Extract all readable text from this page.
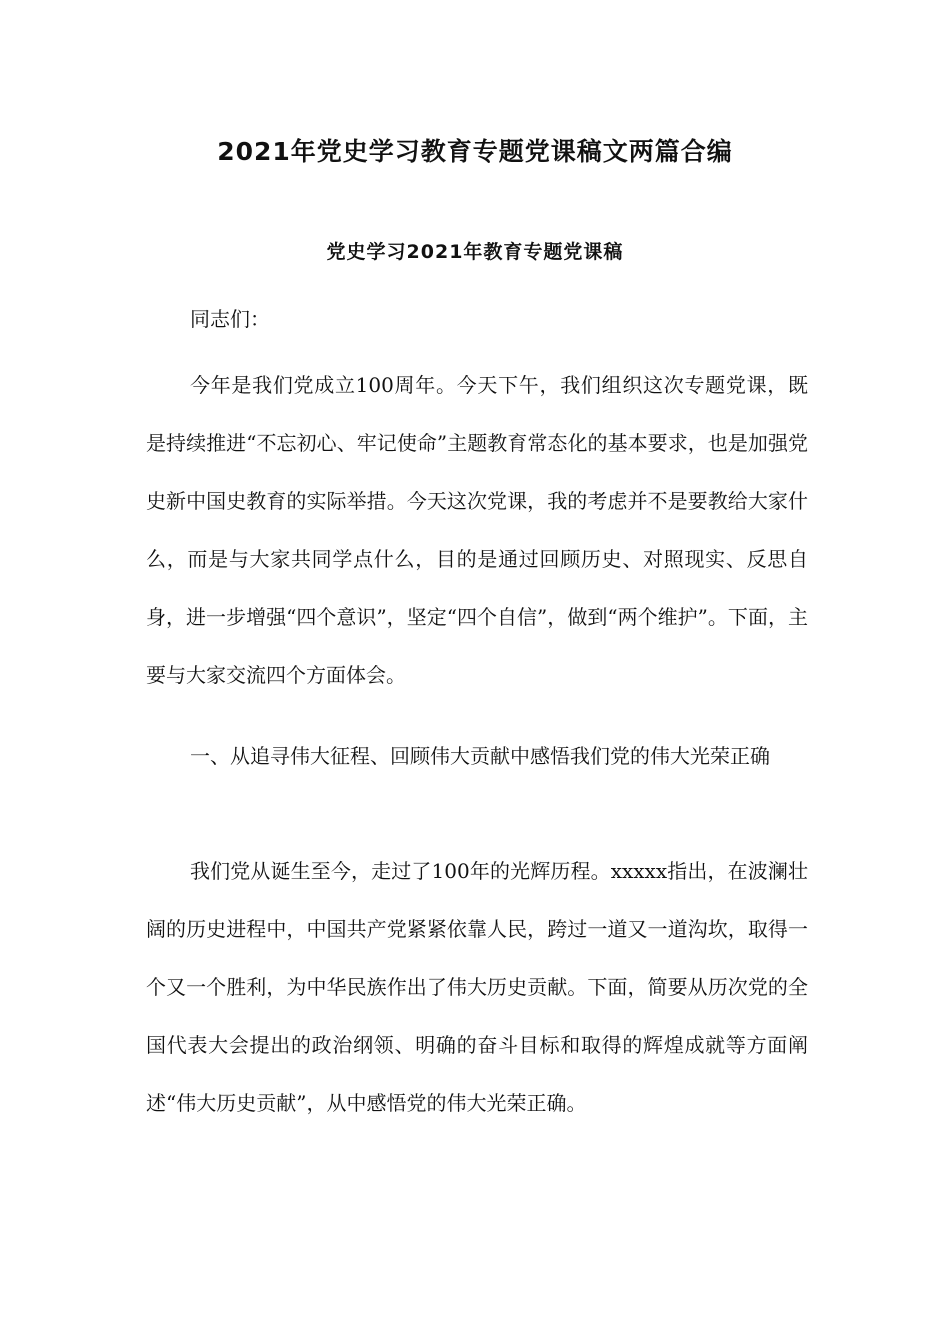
2021年党史学习教育专题党课稿文两篇合编
党史学习2021年教育专题党课稿

同志们：

今年是我们党成立100周年。今天下午，我们组织这次专题党课，既是持续推进“不忘初心、牢记使命”主题教育常态化的基本要求，也是加强党史新中国史教育的实际举措。今天这次党课，我的考虑并不是要教给大家什么，而是与大家共同学点什么，目的是通过回顾历史、对照现实、反思自身，进一步增强“四个意识”，坚定“四个自信”，做到“两个维护”。下面，主要与大家交流四个方面体会。

一、从追寻伟大征程、回顾伟大贡献中感悟我们党的伟大光荣正确

我们党从诞生至今，走过了100年的光辉历程。xxxxx指出，在波澜壮阔的历史进程中，中国共产党紧紧依靠人民，跨过一道又一道沟坎，取得一个又一个胜利，为中华民族作出了伟大历史贡献。下面，简要从历次党的全国代表大会提出的政治纲领、明确的奋斗目标和取得的辉煌成就等方面阐述“伟大历史贡献”，从中感悟党的伟大光荣正确。
